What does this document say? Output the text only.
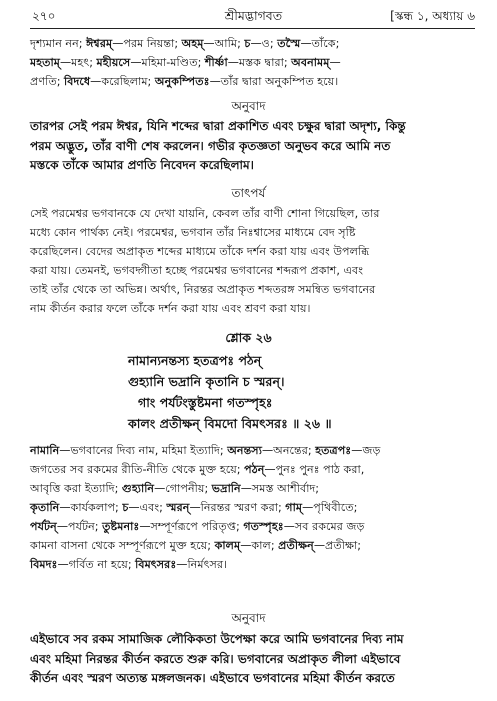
২৭০	শ্রীমদ্ভাগবত	[স্কন্ধ ১, অধ্যায় ৬

দৃশ্যমান নন; ঈশ্বরম্—পরম নিয়ন্তা; অহম্—আমি; চ—ও; তস্মৈ—তাঁকে;

মহতাম্—মহৎ; মহীয়সে—মহিমা-মণ্ডিত; শীর্ষ্ণা—মস্তক দ্বারা; অবনামম্—

প্রণতি; বিদধে—করেছিলাম; অনুকম্পিতঃ—তাঁর দ্বারা অনুকম্পিত হয়ে।

অনুবাদ
তারপর সেই পরম ঈশ্বর, যিনি শব্দের দ্বারা প্রকাশিত এবং চক্ষুর দ্বারা অদৃশ্য, কিন্তু
পরম অদ্ভুত, তাঁর বাণী শেষ করলেন। গভীর কৃতজ্ঞতা অনুভব করে আমি নত
মস্তকে তাঁকে আমার প্রণতি নিবেদন করেছিলাম।
তাৎপর্য

সেই পরমেশ্বর ভগবানকে যে দেখা যায়নি, কেবল তাঁর বাণী শোনা গিয়েছিল, তার

মধ্যে কোন পার্থক্য নেই। পরমেশ্বর, ভগবান তাঁর নিঃশ্বাসের মাধ্যমে বেদ সৃষ্টি

করেছিলেন। বেদের অপ্রাকৃত শব্দের মাধ্যমে তাঁকে দর্শন করা যায় এবং উপলব্ধি

করা যায়। তেমনই, ভগবদ্গীতা হচ্ছে পরমেশ্বর ভগবানের শব্দরূপ প্রকাশ, এবং

তাই তাঁর থেকে তা অভিন্ন। অর্থাৎ, নিরন্তর অপ্রাকৃত শব্দতরঙ্গ সমন্বিত ভগবানের

নাম কীর্তন করার ফলে তাঁকে দর্শন করা যায় এবং শ্রবণ করা যায়।

শ্লোক ২৬
নামান্যনন্তস্য হতত্রপঃ পঠন্
গুহ্যানি ভদ্রানি কৃতানি চ স্মরন্।
গাং পর্যটংস্তুষ্টমনা গতস্পৃহঃ
কালং প্রতীক্ষন্ বিমদো বিমৎসরঃ ॥ ২৬ ॥

নামানি—ভগবানের দিব্য নাম, মহিমা ইত্যাদি; অনন্তস্য—অনন্তের; হতত্রপঃ—জড়

জগতের সব রকমের রীতি-নীতি থেকে মুক্ত হয়ে; পঠন্—পুনঃ পুনঃ পাঠ করা,

আবৃত্তি করা ইত্যাদি; গুহ্যানি—গোপনীয়; ভদ্রানি—সমস্ত আশীর্বাদ;

কৃতানি—কার্যকলাপ; চ—এবং; স্মরন্—নিরন্তর স্মরণ করা; গাম্—পৃথিবীতে;

পর্যটন্—পর্যটন; তুষ্টমনাঃ—সম্পূর্ণরূপে পরিতৃপ্ত; গতস্পৃহঃ—সব রকমের জড়

কামনা বাসনা থেকে সম্পূর্ণরূপে মুক্ত হয়ে; কালম্—কাল; প্রতীক্ষন্—প্রতীক্ষা;

বিমদঃ—গর্বিত না হয়ে; বিমৎসরঃ—নির্মৎসর।

অনুবাদ
এইভাবে সব রকম সামাজিক লৌকিকতা উপেক্ষা করে আমি ভগবানের দিব্য নাম
এবং মহিমা নিরন্তর কীর্তন করতে শুরু করি। ভগবানের অপ্রাকৃত লীলা এইভাবে
কীর্তন এবং স্মরণ অত্যন্ত মঙ্গলজনক। এইভাবে ভগবানের মহিমা কীর্তন করতে
